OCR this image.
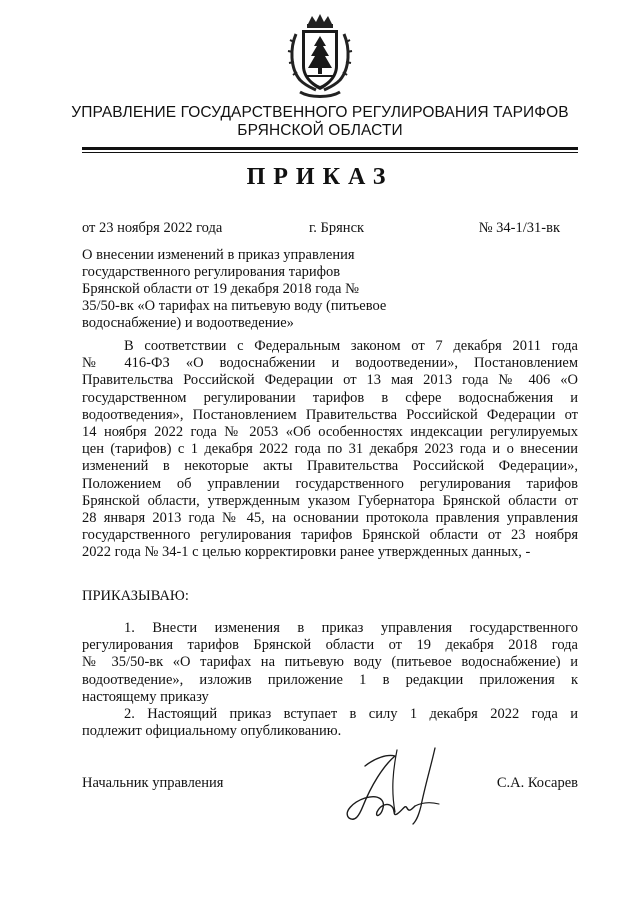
УПРАВЛЕНИЕ ГОСУДАРСТВЕННОГО РЕГУЛИРОВАНИЯ ТАРИФОВ
БРЯНСКОЙ ОБЛАСТИ
ПРИКАЗ
от 23 ноября 2022 года	г. Брянск	№ 34-1/31-вк
О внесении изменений в приказ управления
государственного регулирования тарифов
Брянской области от 19 декабря 2018 года №
35/50-вк «О тарифах на питьевую воду (питьевое
водоснабжение) и водоотведение»
В соответствии с Федеральным законом от 7 декабря 2011 года
№ 416-ФЗ «О водоснабжении и водоотведении», Постановлением
Правительства Российской Федерации от 13 мая 2013 года № 406 «О
государственном регулировании тарифов в сфере водоснабжения и
водоотведения», Постановлением Правительства Российской Федерации от
14 ноября 2022 года № 2053 «Об особенностях индексации регулируемых
цен (тарифов) с 1 декабря 2022 года по 31 декабря 2023 года и о внесении
изменений в некоторые акты Правительства Российской Федерации»,
Положением об управлении государственного регулирования тарифов
Брянской области, утвержденным указом Губернатора Брянской области от
28 января 2013 года № 45, на основании протокола правления управления
государственного регулирования тарифов Брянской области от 23 ноября
2022 года № 34-1 с целью корректировки ранее утвержденных данных, -
ПРИКАЗЫВАЮ:
1. Внести изменения в приказ управления государственного
регулирования тарифов Брянской области от 19 декабря 2018 года
№ 35/50-вк «О тарифах на питьевую воду (питьевое водоснабжение) и
водоотведение», изложив приложение 1 в редакции приложения к
настоящему приказу
2. Настоящий приказ вступает в силу 1 декабря 2022 года и
подлежит официальному опубликованию.
Начальник управления	С.А. Косарев
